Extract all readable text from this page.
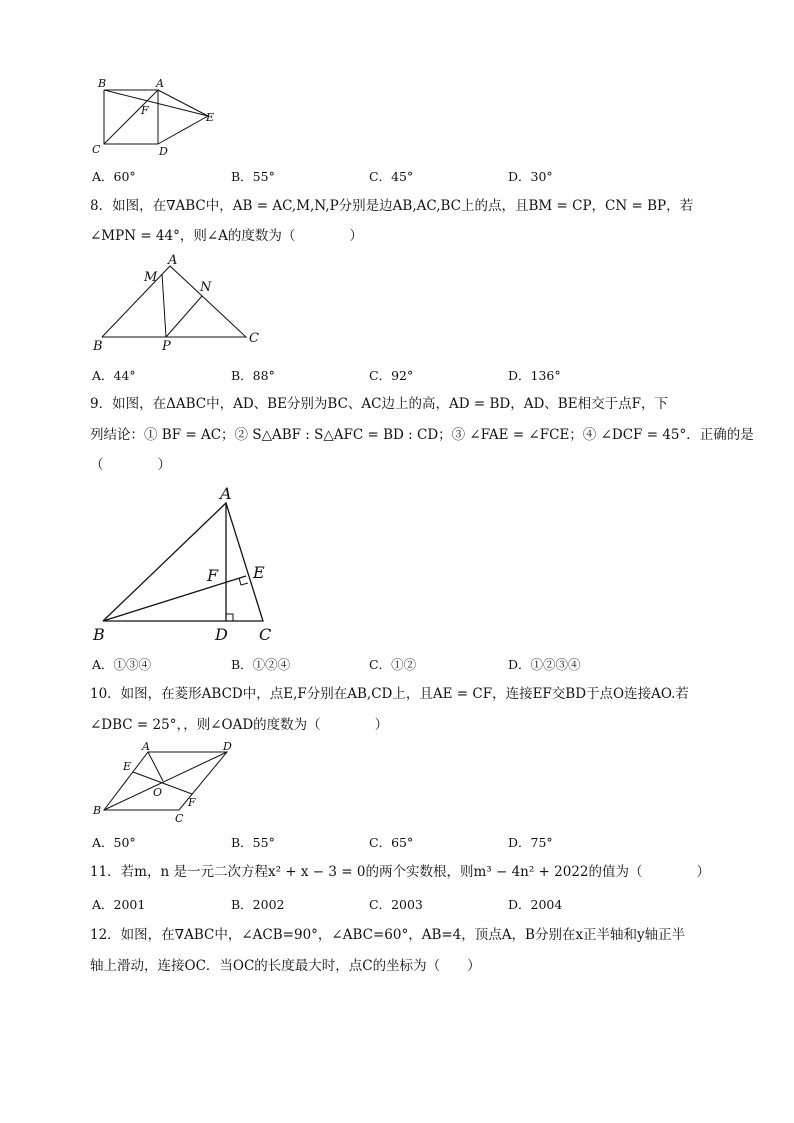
B	A
F
E
C	D
A．60°	B．55°	C．45°	D．30°
8．如图，在∇ABC中，AB = AC,M,N,P分别是边AB,AC,BC上的点，且BM = CP，CN = BP，若
∠MPN = 44°，则∠A的度数为（　　　　）
A
M
N
B	P
C
A．44°	B．88°	C．92°	D．136°
9．如图，在ΔABC中，AD、BE分别为BC、AC边上的高，AD = BD，AD、BE相交于点F，下
列结论：① BF = AC；② S△ABF : S△AFC = BD : CD；③ ∠FAE = ∠FCE；④ ∠DCF = 45°．正确的是
（　　　　）
A
F E
B	D C
A．①③④	B．①②④	C．①②	D．①②③④
10．如图，在菱形ABCD中，点E,F分别在AB,CD上，且AE = CF，连接EF交BD于点O连接AO.若
∠DBC = 25°，，则∠OAD的度数为（　　　　）
A	D
E
O
B
F
C
A．50°	B．55°	C．65°	D．75°
11．若m，n 是一元二次方程x² + x − 3 = 0的两个实数根，则m³ − 4n² + 2022的值为（　　　　）
A．2001	B．2002	C．2003	D．2004
12．如图，在∇ABC中，∠ACB=90°，∠ABC=60°，AB=4，顶点A，B分别在x正半轴和y轴正半
轴上滑动，连接OC．当OC的长度最大时，点C的坐标为（　　）
